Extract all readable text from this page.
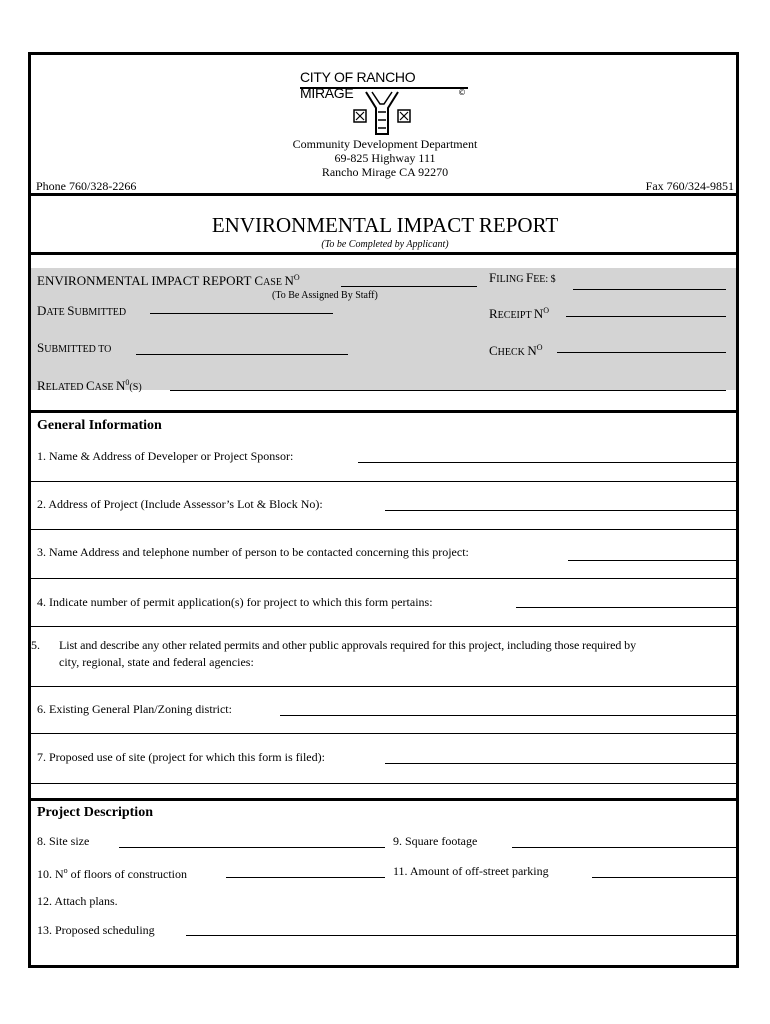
CITY OF RANCHO MIRAGE	©
Community Development Department
69-825 Highway 111
Rancho Mirage CA 92270
Phone 760/328-2266	Fax 760/324-9851
ENVIRONMENTAL IMPACT REPORT
(To be Completed by Applicant)
ENVIRONMENTAL IMPACT REPORT CASE $N^O$
(To Be Assigned By Staff)
FILING FEE: $
DATE SUBMITTED	RECEIPT $N^O$
SUBMITTED TO	CHECK $N^O$
RELATED CASE $N^0(S)$
General Information
1. Name & Address of Developer or Project Sponsor:
2. Address of Project (Include Assessor’s Lot & Block No):
3. Name Address and telephone number of person to be contacted concerning this project:
4. Indicate number of permit application(s) for project to which this form pertains:
5. List and describe any other related permits and other public approvals required for this project, including those required by
city, regional, state and federal agencies:
6. Existing General Plan/Zoning district:
7. Proposed use of site (project for which this form is filed):
Project Description
8. Site size	9. Square footage
10. $N^o$ of floors of construction	11. Amount of off-street parking
12. Attach plans.
13. Proposed scheduling
